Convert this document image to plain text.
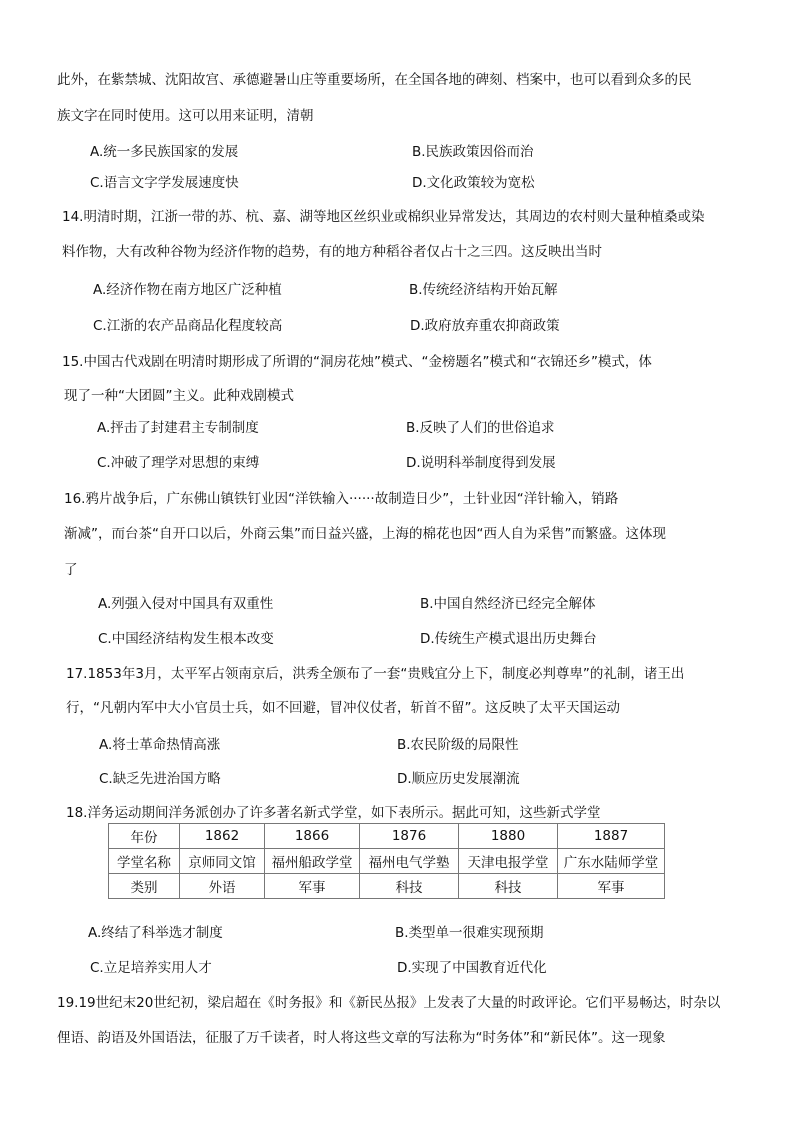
此外，在紫禁城、沈阳故宫、承德避暑山庄等重要场所，在全国各地的碑刻、档案中，也可以看到众多的民
族文字在同时使用。这可以用来证明，清朝
A.统一多民族国家的发展	B.民族政策因俗而治
C.语言文字学发展速度快	D.文化政策较为宽松
14.明清时期，江浙一带的苏、杭、嘉、湖等地区丝织业或棉织业异常发达，其周边的农村则大量种植桑或染
料作物，大有改种谷物为经济作物的趋势，有的地方种稻谷者仅占十之三四。这反映出当时
A.经济作物在南方地区广泛种植	B.传统经济结构开始瓦解
C.江浙的农产品商品化程度较高	D.政府放弃重农抑商政策
15.中国古代戏剧在明清时期形成了所谓的“洞房花烛”模式、“金榜题名”模式和“衣锦还乡”模式，体
现了一种“大团圆”主义。此种戏剧模式
A.抨击了封建君主专制制度	B.反映了人们的世俗追求
C.冲破了理学对思想的束缚	D.说明科举制度得到发展
16.鸦片战争后，广东佛山镇铁钉业因“洋铁输入······故制造日少”，土针业因“洋针输入，销路
渐减”，而台茶“自开口以后，外商云集”而日益兴盛，上海的棉花也因“西人自为采售”而繁盛。这体现
了
A.列强入侵对中国具有双重性	B.中国自然经济已经完全解体
C.中国经济结构发生根本改变	D.传统生产模式退出历史舞台
17.1853年3月，太平军占领南京后，洪秀全颁布了一套“贵贱宜分上下，制度必判尊卑”的礼制，诸王出
行，“凡朝内军中大小官员士兵，如不回避，冒冲仪仗者，斩首不留”。这反映了太平天国运动
A.将士革命热情高涨	B.农民阶级的局限性
C.缺乏先进治国方略	D.顺应历史发展潮流
18.洋务运动期间洋务派创办了许多著名新式学堂，如下表所示。据此可知，这些新式学堂
年份	1862	1866	1876	1880	1887
学堂名称	京师同文馆	福州船政学堂	福州电气学塾	天津电报学堂	广东水陆师学堂
类别	外语	军事	科技	科技	军事
A.终结了科举选才制度	B.类型单一很难实现预期
C.立足培养实用人才	D.实现了中国教育近代化
19.19世纪末20世纪初，梁启超在《时务报》和《新民丛报》上发表了大量的时政评论。它们平易畅达，时杂以
俚语、韵语及外国语法，征服了万千读者，时人将这些文章的写法称为“时务体”和“新民体”。这一现象
